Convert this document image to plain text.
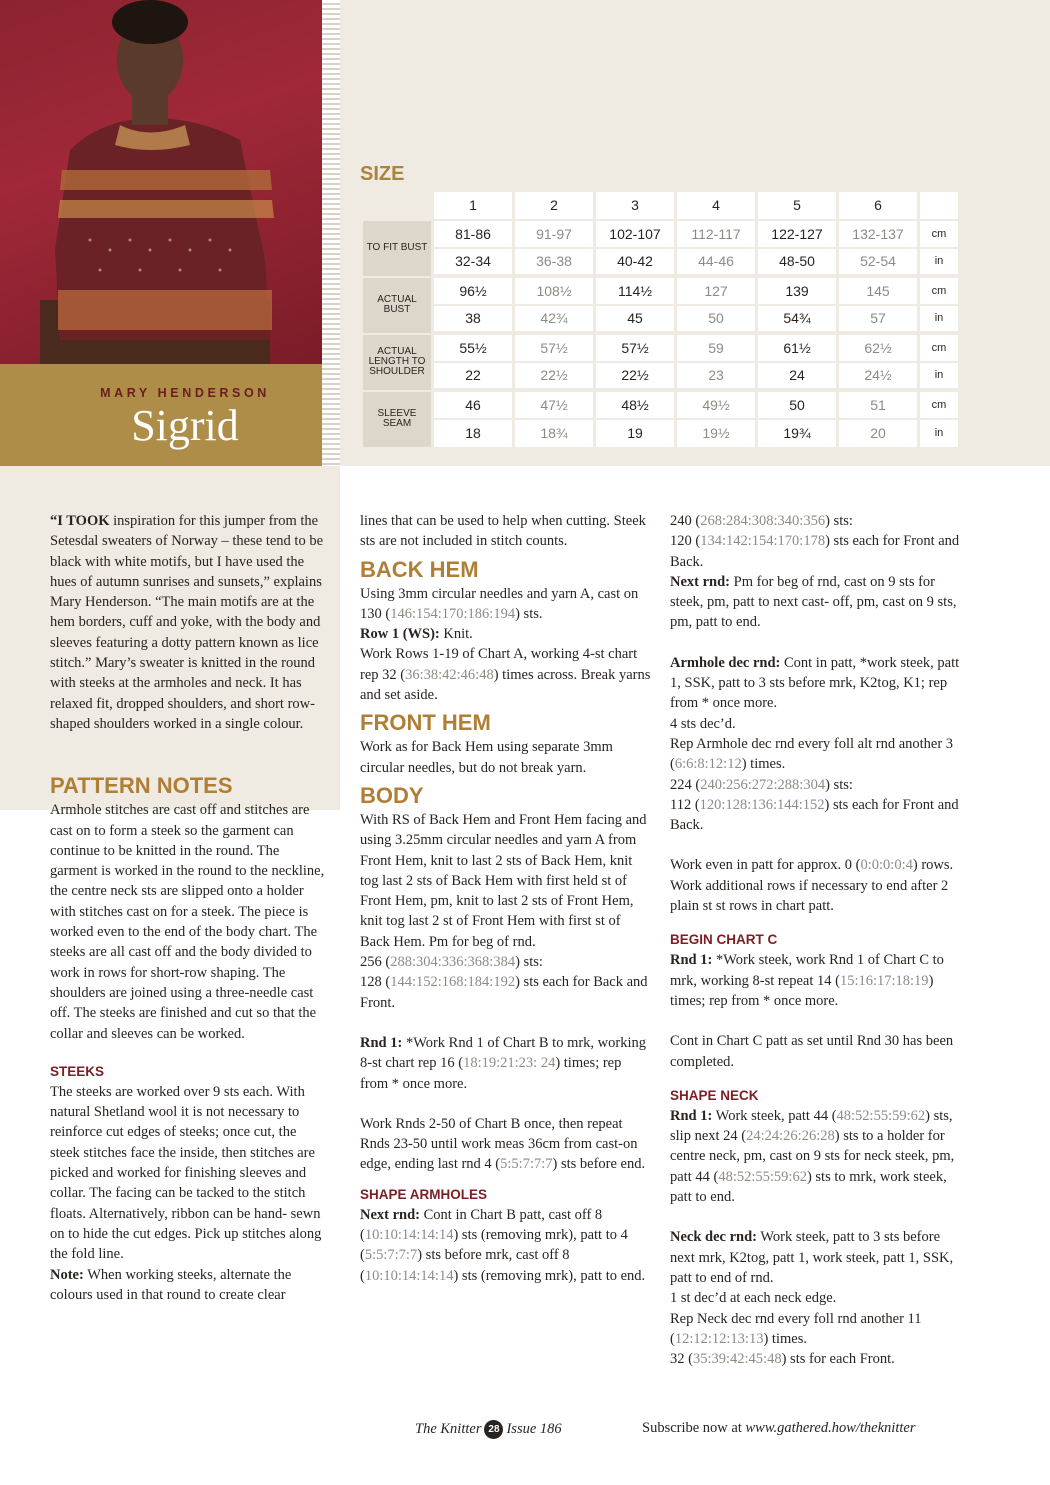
MARY HENDERSON
Sigrid
SIZE
	1	2	3	4	5	6	
TO FIT BUST	81-86	91-97	102-107	112-117	122-127	132-137	cm
	32-34	36-38	40-42	44-46	48-50	52-54	in
ACTUAL BUST	96½	108½	114½	127	139	145	cm
	38	42¾	45	50	54¾	57	in
ACTUAL LENGTH TO SHOULDER	55½	57½	57½	59	61½	62½	cm
	22	22½	22½	23	24	24½	in
SLEEVE SEAM	46	47½	48½	49½	50	51	cm
	18	18¾	19	19½	19¾	20	in

“I TOOK inspiration for this jumper from the Setesdal sweaters of Norway – these tend to be black with white motifs, but I have used the hues of autumn sunrises and sunsets,” explains Mary Henderson. “The main motifs are at the hem borders, cuff and yoke, with the body and sleeves featuring a dotty pattern known as lice stitch.” Mary’s sweater is knitted in the round with steeks at the armholes and neck. It has relaxed fit, dropped shoulders, and short row- shaped shoulders worked in a single colour.

PATTERN NOTES

Armhole stitches are cast off and stitches are cast on to form a steek so the garment can continue to be knitted in the round. The garment is worked in the round to the neckline, the centre neck sts are slipped onto a holder with stitches cast on for a steek. The piece is worked even to the end of the body chart. The steeks are all cast off and the body divided to work in rows for short-row shaping. The shoulders are joined using a three-needle cast off. The steeks are finished and cut so that the collar and sleeves can be worked.

STEEKS

The steeks are worked over 9 sts each. With natural Shetland wool it is not necessary to reinforce cut edges of steeks; once cut, the steek stitches face the inside, then stitches are picked and worked for finishing sleeves and collar. The facing can be tacked to the stitch floats. Alternatively, ribbon can be hand- sewn on to hide the cut edges. Pick up stitches along the fold line.

Note: When working steeks, alternate the colours used in that round to create clear

lines that can be used to help when cutting. Steek sts are not included in stitch counts.

BACK HEM

Using 3mm circular needles and yarn A, cast on 130 (146:154:170:186:194) sts.

Row 1 (WS): Knit.

Work Rows 1-19 of Chart A, working 4-st chart rep 32 (36:38:42:46:48) times across. Break yarns and set aside.

FRONT HEM

Work as for Back Hem using separate 3mm circular needles, but do not break yarn.

BODY

With RS of Back Hem and Front Hem facing and using 3.25mm circular needles and yarn A from Front Hem, knit to last 2 sts of Back Hem, knit tog last 2 sts of Back Hem with first held st of Front Hem, pm, knit to last 2 sts of Front Hem, knit tog last 2 st of Front Hem with first st of Back Hem. Pm for beg of rnd.

256 (288:304:336:368:384) sts:

128 (144:152:168:184:192) sts each for Back and Front.

Rnd 1: *Work Rnd 1 of Chart B to mrk, working 8-st chart rep 16 (18:19:21:23: 24) times; rep from * once more.

Work Rnds 2-50 of Chart B once, then repeat Rnds 23-50 until work meas 36cm from cast-on edge, ending last rnd 4 (5:5:7:7:7) sts before end.

SHAPE ARMHOLES

Next rnd: Cont in Chart B patt, cast off 8 (10:10:14:14:14) sts (removing mrk), patt to 4 (5:5:7:7:7) sts before mrk, cast off 8 (10:10:14:14:14) sts (removing mrk), patt to end.

240 (268:284:308:340:356) sts:

120 (134:142:154:170:178) sts each for Front and Back.

Next rnd: Pm for beg of rnd, cast on 9 sts for steek, pm, patt to next cast- off, pm, cast on 9 sts, pm, patt to end.

Armhole dec rnd: Cont in patt, *work steek, patt 1, SSK, patt to 3 sts before mrk, K2tog, K1; rep from * once more.

4 sts dec’d.

Rep Armhole dec rnd every foll alt rnd another 3 (6:6:8:12:12) times.

224 (240:256:272:288:304) sts:

112 (120:128:136:144:152) sts each for Front and Back.

Work even in patt for approx. 0 (0:0:0:0:4) rows. Work additional rows if necessary to end after 2 plain st st rows in chart patt.

BEGIN CHART C

Rnd 1: *Work steek, work Rnd 1 of Chart C to mrk, working 8-st repeat 14 (15:16:17:18:19) times; rep from * once more.

Cont in Chart C patt as set until Rnd 30 has been completed.

SHAPE NECK

Rnd 1: Work steek, patt 44 (48:52:55:59:62) sts, slip next 24 (24:24:26:26:28) sts to a holder for centre neck, pm, cast on 9 sts for neck steek, pm, patt 44 (48:52:55:59:62) sts to mrk, work steek, patt to end.

Neck dec rnd: Work steek, patt to 3 sts before next mrk, K2tog, patt 1, work steek, patt 1, SSK, patt to end of rnd.

1 st dec’d at each neck edge.

Rep Neck dec rnd every foll rnd another 11 (12:12:12:13:13) times.

32 (35:39:42:45:48) sts for each Front.

The Knitter 28 Issue 186	Subscribe now at www.gathered.how/theknitter
